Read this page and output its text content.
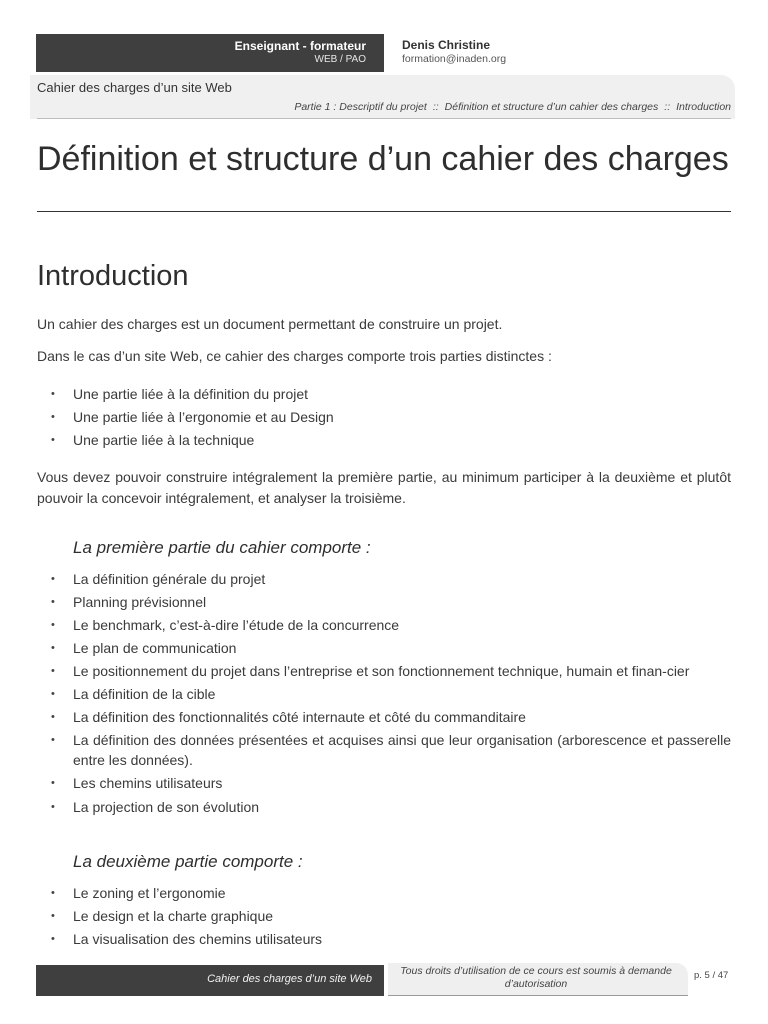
Enseignant - formateur
WEB / PAO
Denis Christine
formation@inaden.org
Cahier des charges d’un site Web
Partie 1 : Descriptif du projet :: Définition et structure d’un cahier des charges :: Introduction
Définition et structure d’un cahier des charges
Introduction

Un cahier des charges est un document permettant de construire un projet.

Dans le cas d’un site Web, ce cahier des charges comporte trois parties distinctes :

• Une partie liée à la définition du projet
• Une partie liée à l’ergonomie et au Design
• Une partie liée à la technique

Vous devez pouvoir construire intégralement la première partie, au minimum participer à la deuxième et plutôt pouvoir la concevoir intégralement, et analyser la troisième.

La première partie du cahier comporte :
• La définition générale du projet
• Planning prévisionnel
• Le benchmark, c’est-à-dire l’étude de la concurrence
• Le plan de communication
• Le positionnement du projet dans l’entreprise et son fonctionnement technique, humain et finan-cier
• La définition de la cible
• La définition des fonctionnalités côté internaute et côté du commanditaire
• La définition des données présentées et acquises ainsi que leur organisation (arborescence et passerelle entre les données).
• Les chemins utilisateurs
• La projection de son évolution
La deuxième partie comporte :
• Le zoning et l’ergonomie
• Le design et la charte graphique
• La visualisation des chemins utilisateurs
Cahier des charges d’un site Web
Tous droits d’utilisation de ce cours est soumis à demande d’autorisation
p. 5 / 47
